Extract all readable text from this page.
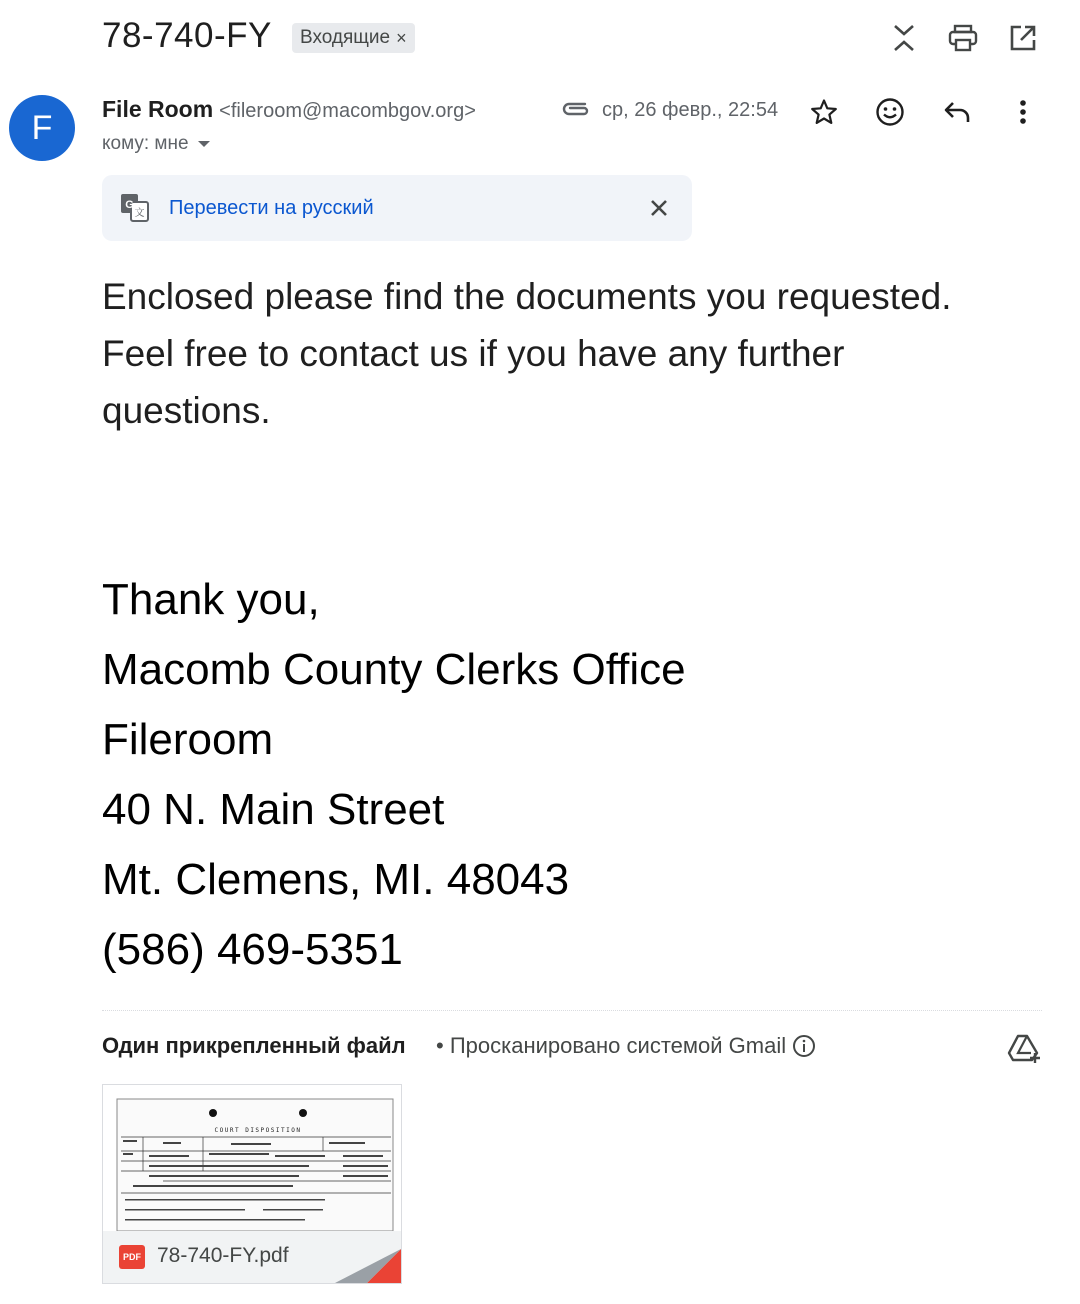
78-740-FY Входящие ×
F	File Room <fileroom@macombgov.org>
кому: мне
ср, 26 февр., 22:54
G
文 Перевести на русский
Enclosed please find the documents you requested.
Feel free to contact us if you have any further
questions.
Thank you,
Macomb County Clerks Office
Fileroom
40 N. Main Street
Mt. Clemens, MI. 48043
(586) 469-5351
Один прикрепленный файл • Просканировано системой Gmail
COURT DISPOSITION
PDF 78-740-FY.pdf
